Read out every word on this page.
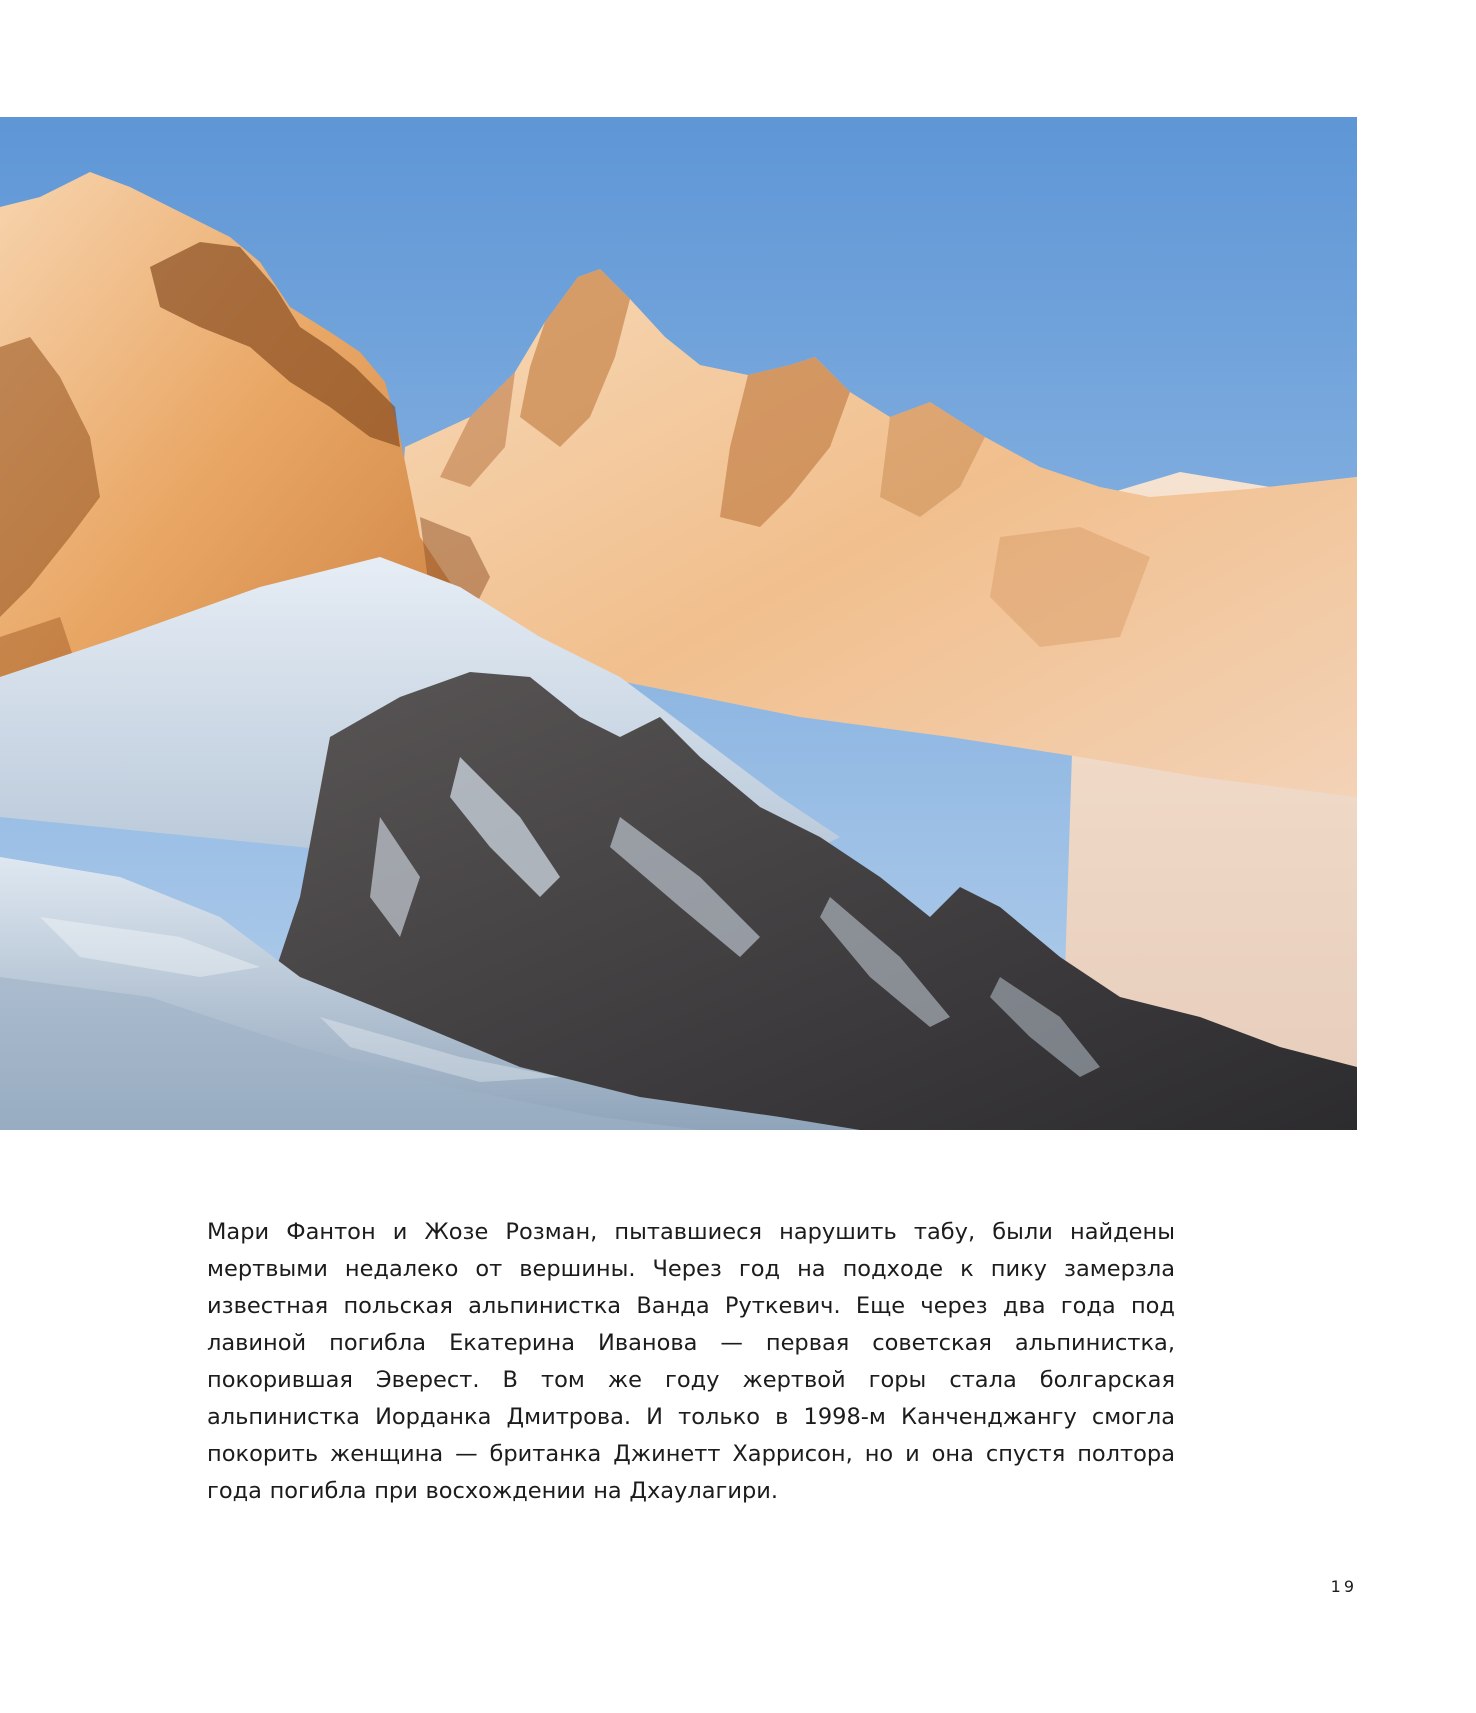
Мари Фантон и Жозе Розман, пытавшиеся нарушить табу, были найдены мертвыми недалеко от вершины. Через год на подходе к пику замерзла известная польская альпинистка Ванда Руткевич. Еще через два года под лавиной погибла Екатерина Иванова — первая советская альпинистка, покорившая Эверест. В том же году жертвой горы стала болгарская альпинистка Иорданка Дмитрова. И только в 1998-м Канченджангу смогла покорить женщина — британка Джинетт Харрисон, но и она спустя полтора года погибла при восхождении на Дхаулагири.

19
